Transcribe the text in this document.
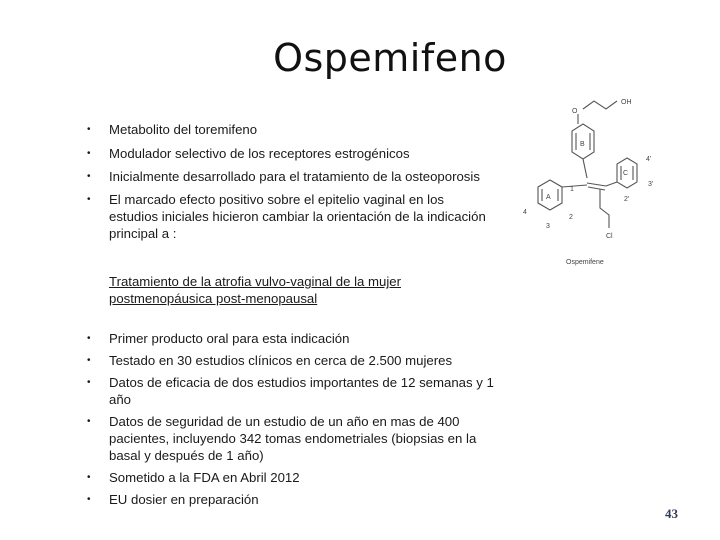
Ospemifeno
• Metabolito del toremifeno
• Modulador selectivo de los receptores estrogénicos
• Inicialmente desarrollado para el tratamiento de la osteoporosis
• El marcado efecto positivo sobre el epitelio vaginal en los estudios iniciales hicieron cambiar la orientación de la indicación principal a :
Tratamiento de la atrofia vulvo-vaginal de la mujer postmenopáusica post-menopausal
• Primer producto oral para esta indicación
• Testado en 30 estudios clínicos en cerca de 2.500 mujeres
• Datos de eficacia de dos estudios importantes de 12 semanas y 1 año
• Datos de seguridad de un estudio de un año en mas de 400 pacientes, incluyendo 342 tomas endometriales (biopsias en la basal y después de 1 año)
• Sometido a la FDA en Abril 2012
• EU dosier en preparación
O
OH
B
C
A
4
3
2
1
4'
3'
2'
Cl
Ospemifene
43
